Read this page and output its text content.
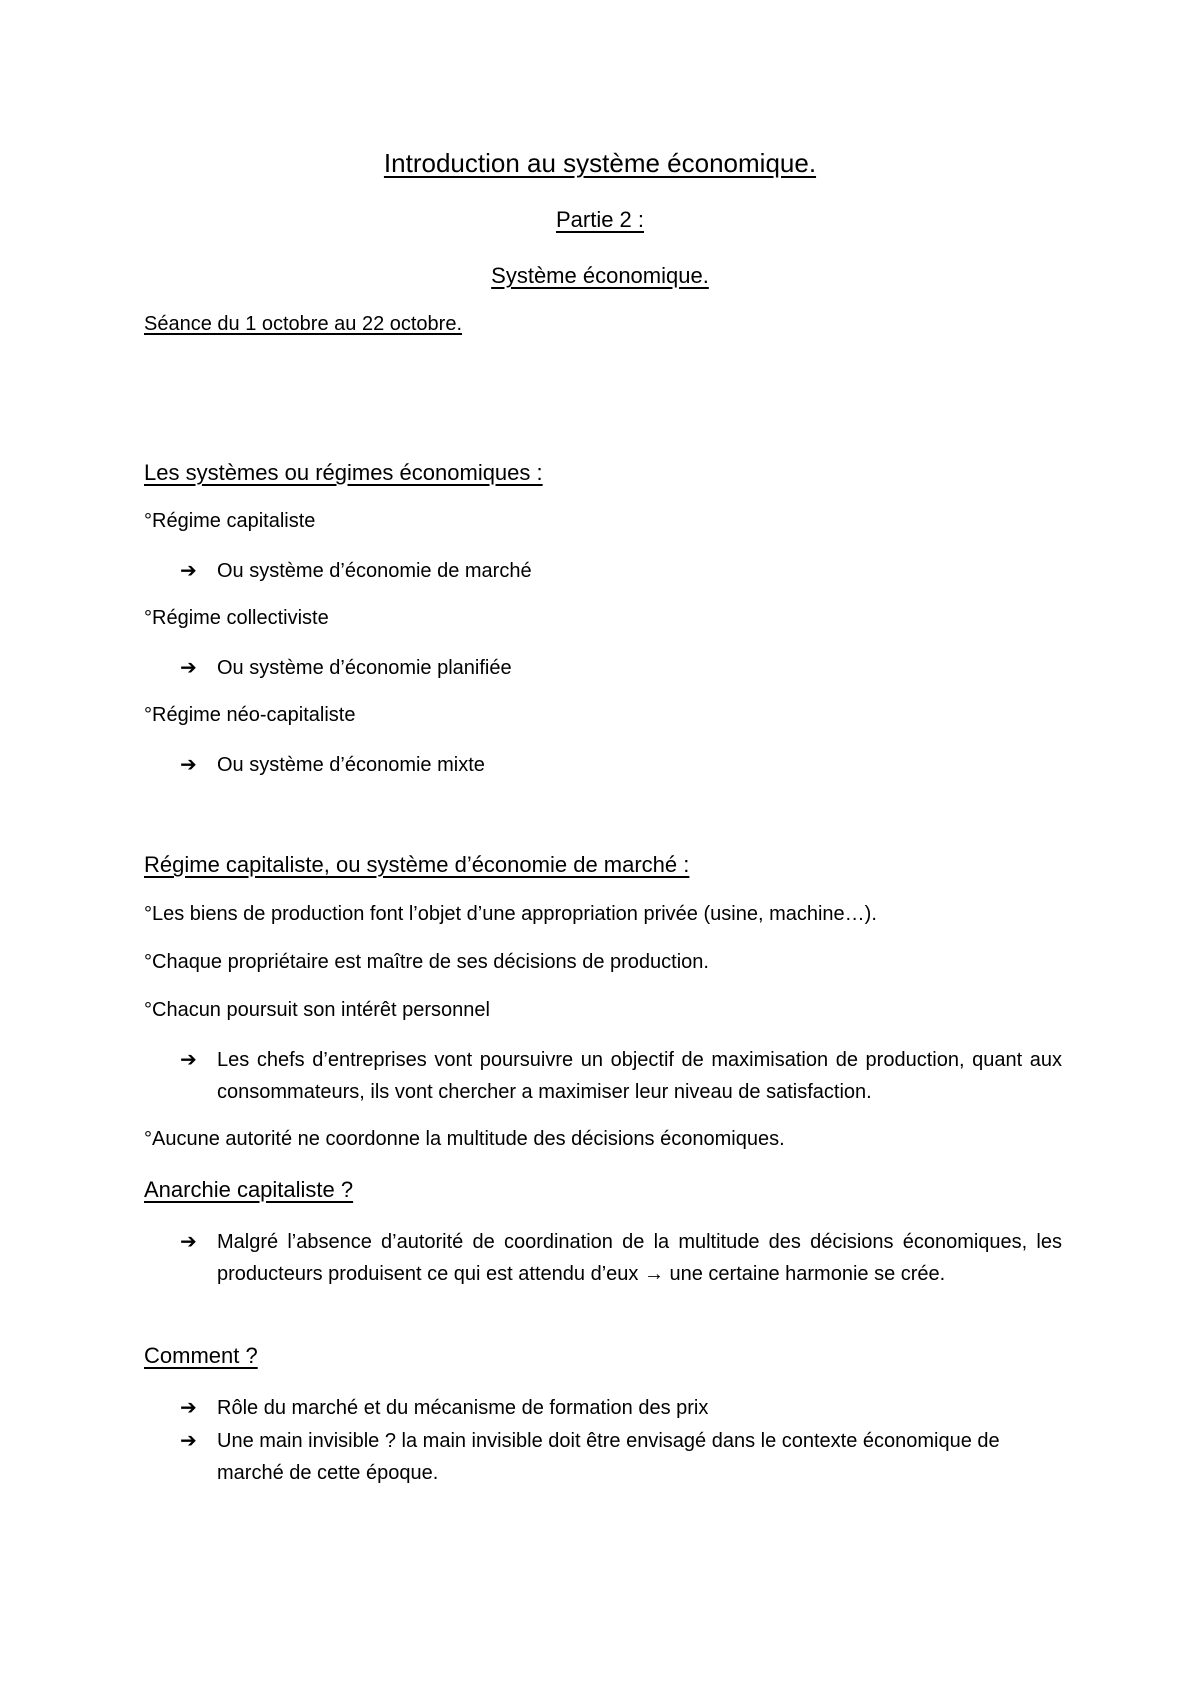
Introduction au système économique.
Partie 2 :
Système économique.
Séance du 1 octobre au 22 octobre.
Les systèmes ou régimes économiques :
°Régime capitaliste
➔ Ou système d’économie de marché
°Régime collectiviste
➔ Ou système d’économie planifiée
°Régime néo-capitaliste
➔ Ou système d’économie mixte
Régime capitaliste, ou système d’économie de marché :
°Les biens de production font l’objet d’une appropriation privée (usine, machine…).
°Chaque propriétaire est maître de ses décisions de production.
°Chacun poursuit son intérêt personnel
➔ Les chefs d’entreprises vont poursuivre un objectif de maximisation de production, quant aux consommateurs, ils vont chercher a maximiser leur niveau de satisfaction.
°Aucune autorité ne coordonne la multitude des décisions économiques.
Anarchie capitaliste ?
➔ Malgré l’absence d’autorité de coordination de la multitude des décisions économiques, les producteurs produisent ce qui est attendu d’eux → une certaine harmonie se crée.
Comment ?
➔ Rôle du marché et du mécanisme de formation des prix
➔ Une main invisible ? la main invisible doit être envisagé dans le contexte économique de marché de cette époque.
